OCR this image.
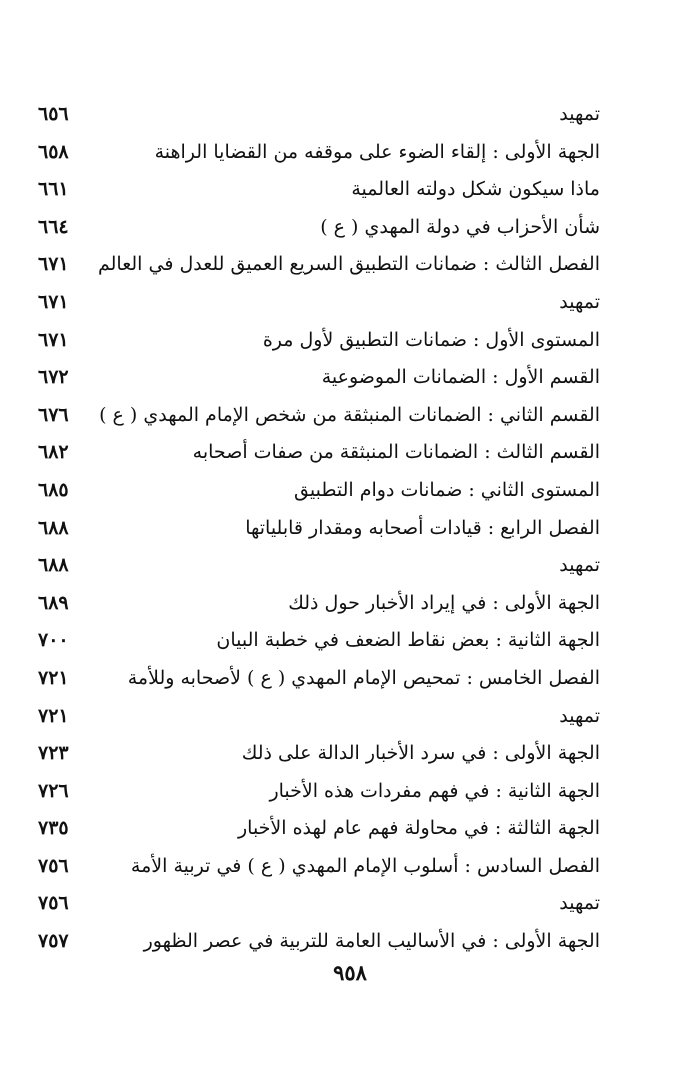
تمهيد
٦٥٦
الجهة الأولى : إلقاء الضوء على موقفه من القضايا الراهنة
٦٥٨
ماذا سيكون شكل دولته العالمية
٦٦١
شأن الأحزاب في دولة المهدي ( ع )
٦٦٤
الفصل الثالث : ضمانات التطبيق السريع العميق للعدل في العالم
٦٧١
تمهيد
٦٧١
المستوى الأول : ضمانات التطبيق لأول مرة
٦٧١
القسم الأول : الضمانات الموضوعية
٦٧٢
القسم الثاني : الضمانات المنبثقة من شخص الإمام المهدي ( ع )
٦٧٦
القسم الثالث : الضمانات المنبثقة من صفات أصحابه
٦٨٢
المستوى الثاني : ضمانات دوام التطبيق
٦٨٥
الفصل الرابع : قيادات أصحابه ومقدار قابلياتها
٦٨٨
تمهيد
٦٨٨
الجهة الأولى : في إيراد الأخبار حول ذلك
٦٨٩
الجهة الثانية : بعض نقاط الضعف في خطبة البيان
٧٠٠
الفصل الخامس : تمحيص الإمام المهدي ( ع ) لأصحابه وللأمة
٧٢١
تمهيد
٧٢١
الجهة الأولى : في سرد الأخبار الدالة على ذلك
٧٢٣
الجهة الثانية : في فهم مفردات هذه الأخبار
٧٢٦
الجهة الثالثة : في محاولة فهم عام لهذه الأخبار
٧٣٥
الفصل السادس : أسلوب الإمام المهدي ( ع ) في تربية الأمة
٧٥٦
تمهيد
٧٥٦
الجهة الأولى : في الأساليب العامة للتربية في عصر الظهور
٧٥٧
٩٥٨
